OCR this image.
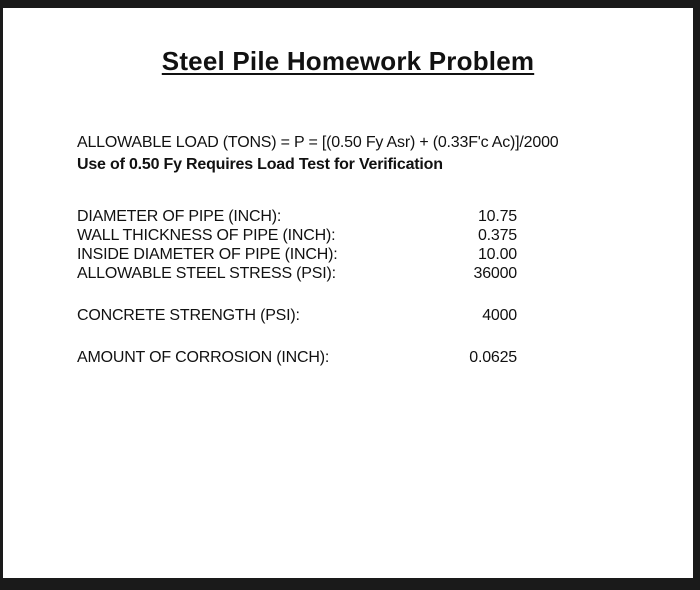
Steel Pile Homework Problem
ALLOWABLE LOAD (TONS) = P = [(0.50 Fy Asr) + (0.33F'c Ac)]/2000
Use of 0.50 Fy Requires Load Test for Verification
DIAMETER OF PIPE (INCH):	10.75
WALL THICKNESS OF PIPE (INCH):	0.375
INSIDE DIAMETER OF PIPE (INCH):	10.00
ALLOWABLE STEEL STRESS (PSI):	36000
CONCRETE STRENGTH (PSI):	4000
AMOUNT OF CORROSION (INCH):	0.0625
